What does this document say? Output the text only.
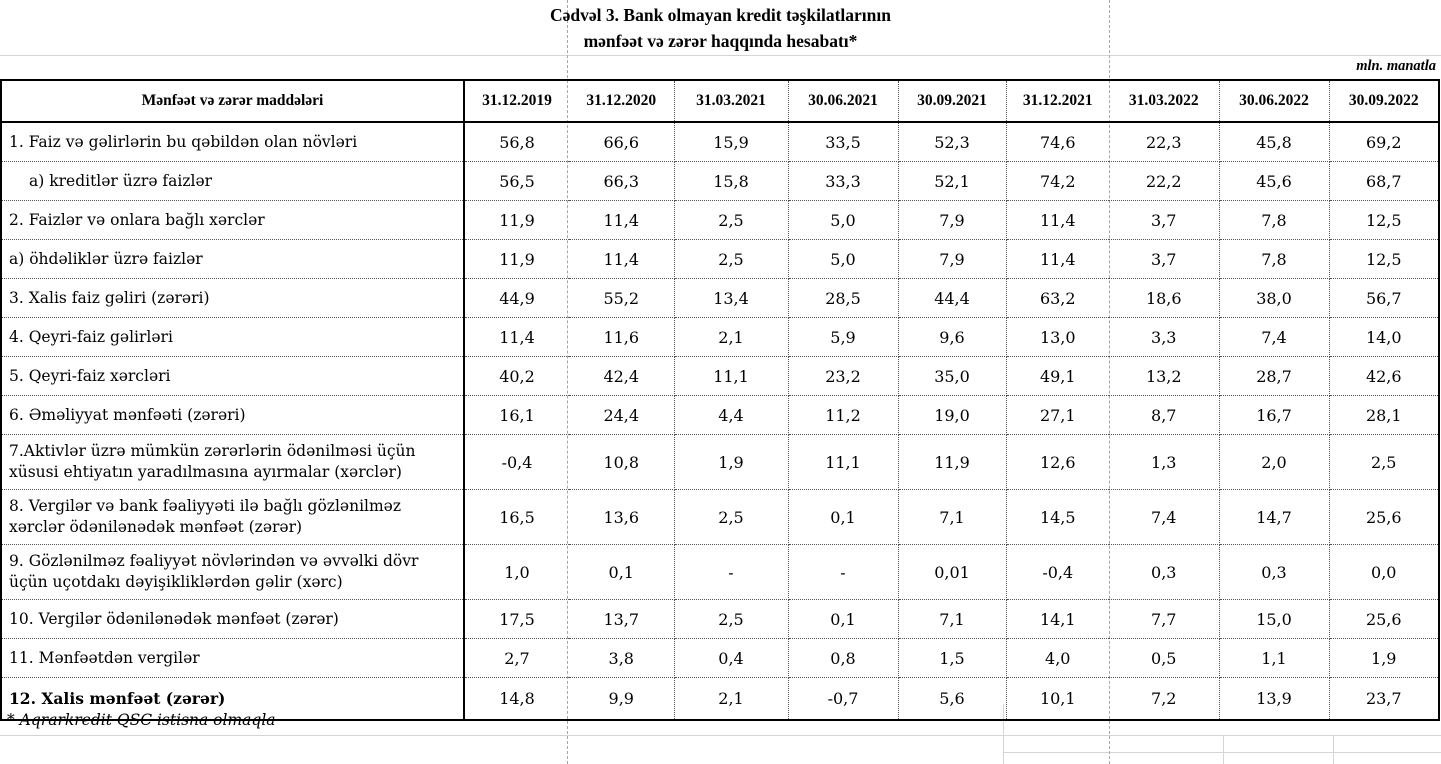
Cədvəl 3. Bank olmayan kredit təşkilatlarının
mənfəət və zərər haqqında hesabatı*
mln. manatla
Mənfəət və zərər maddələri	31.12.2019	31.12.2020	31.03.2021	30.06.2021	30.09.2021	31.12.2021	31.03.2022	30.06.2022	30.09.2022
1. Faiz və gəlirlərin bu qəbildən olan növləri	56,8	66,6	15,9	33,5	52,3	74,6	22,3	45,8	69,2
a) kreditlər üzrə faizlər	56,5	66,3	15,8	33,3	52,1	74,2	22,2	45,6	68,7
2. Faizlər və onlara bağlı xərclər	11,9	11,4	2,5	5,0	7,9	11,4	3,7	7,8	12,5
a) öhdəliklər üzrə faizlər	11,9	11,4	2,5	5,0	7,9	11,4	3,7	7,8	12,5
3. Xalis faiz gəliri (zərəri)	44,9	55,2	13,4	28,5	44,4	63,2	18,6	38,0	56,7
4. Qeyri-faiz gəlirləri	11,4	11,6	2,1	5,9	9,6	13,0	3,3	7,4	14,0
5. Qeyri-faiz xərcləri	40,2	42,4	11,1	23,2	35,0	49,1	13,2	28,7	42,6
6. Əməliyyat mənfəəti (zərəri)	16,1	24,4	4,4	11,2	19,0	27,1	8,7	16,7	28,1
7.Aktivlər üzrə mümkün zərərlərin ödənilməsi üçün xüsusi ehtiyatın yaradılmasına ayırmalar (xərclər)	-0,4	10,8	1,9	11,1	11,9	12,6	1,3	2,0	2,5
8. Vergilər və bank fəaliyyəti ilə bağlı gözlənilməz xərclər ödənilənədək mənfəət (zərər)	16,5	13,6	2,5	0,1	7,1	14,5	7,4	14,7	25,6
9. Gözlənilməz fəaliyyət növlərindən və əvvəlki dövr üçün uçotdakı dəyişikliklərdən gəlir (xərc)	1,0	0,1	-	-	0,01	-0,4	0,3	0,3	0,0
10. Vergilər ödənilənədək mənfəət (zərər)	17,5	13,7	2,5	0,1	7,1	14,1	7,7	15,0	25,6
11. Mənfəətdən vergilər	2,7	3,8	0,4	0,8	1,5	4,0	0,5	1,1	1,9
12. Xalis mənfəət (zərər)	14,8	9,9	2,1	-0,7	5,6	10,1	7,2	13,9	23,7
* Aqrarkredit QSC istisna olmaqla
